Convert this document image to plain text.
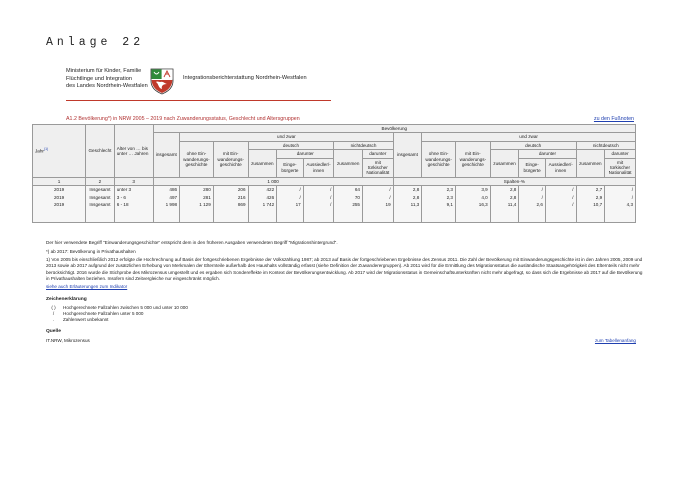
Anlage 22
Ministerium für Kinder, Familie
Flüchtlinge und Integration
des Landes Nordrhein-Westfalen
Integrationsberichterstattung Nordrhein-Westfalen
A1.2 Bevölkerung*) in NRW 2005 – 2019 nach Zuwanderungsstatus, Geschlecht und Altersgruppen	zu den Fußnoten
Jahr$^{(1)}$	Geschlecht	Alter von … bis unter … Jahren	Bevölkerung															
			insgesamt	und zwar							insgesamt	und zwar						
				ohne Ein-wanderungs-geschichte	mit Ein-wanderungs-geschichte	deutsch			nichtdeutsch			ohne Ein-wanderungs-geschichte	mit Ein-wanderungs-geschichte	deutsch			nichtdeutsch	
						zusammen	darunter		zusammen	darunter				zusammen	darunter		zusammen	darunter
							Einge-bürgerte	Aussiedler/-innen		mit türkischer Nationalität					Einge-bürgerte	Aussiedler/-innen		mit türkischer Nationalität
1	2	3	1 000								Spalten-%							
2019	Insgesamt	unter 3	486	280	206	422	/	/	64	/	2,8	2,3	3,9	2,8	/	/	2,7	/
2019	Insgesamt	3 - 6	497	281	216	426	/	/	70	/	2,8	2,3	4,0	2,8	/	/	2,9	/
2019	Insgesamt	6 - 18	1 998	1 129	869	1 742	17	/	255	19	11,3	9,1	16,3	11,4	2,6	/	10,7	4,3

Der hier verwendete Begriff "Einwanderungsgeschichte" entspricht dem in den früheren Ausgaben verwendeten Begriff "Migrationshintergrund".

*) ab 2017: Bevölkerung in Privathaushalten

1) Von 2005 bis einschließlich 2012 erfolgte die Hochrechnung auf Basis der fortgeschriebenen Ergebnisse der Volkszählung 1987; ab 2013 auf Basis der fortgeschriebenen Ergebnisse des Zensus 2011. Die Zahl der Bevölkerung mit Einwanderungsgeschichte ist in den Jahren 2005, 2009 und 2013 sowie ab 2017 aufgrund der zusätzlichen Erhebung von Merkmalen der Elternteile außerhalb des Haushalts vollständig erfasst (siehe Definition der Zuwanderergruppen). Ab 2011 wird für die Ermittlung des Migrationsstatus die ausländische Staatsangehörigkeit des Elternteils nicht mehr berücksichtigt. 2016 wurde die Stichprobe des Mikrozensus umgestellt und es ergaben sich Sondereffekte im Kontext der Bevölkerungsentwicklung. Ab 2017 wird der Migrationsstatus in Gemeinschaftsunterkünften nicht mehr abgefragt, so dass sich die Ergebnisse ab 2017 auf die Bevölkerung in Privathaushalten beziehen. Insofern sind Zeitvergleiche nur eingeschränkt möglich.

siehe auch Erläuterungen zum Indikator

Zeichenerklärung
( )	Hochgerechnete Fallzahlen zwischen 5 000 und unter 10 000
/	Hochgerechnete Fallzahlen unter 5 000
.	Zahlenwert unbekannt
Quelle
IT.NRW, Mikrozensus	zum Tabellenanfang
